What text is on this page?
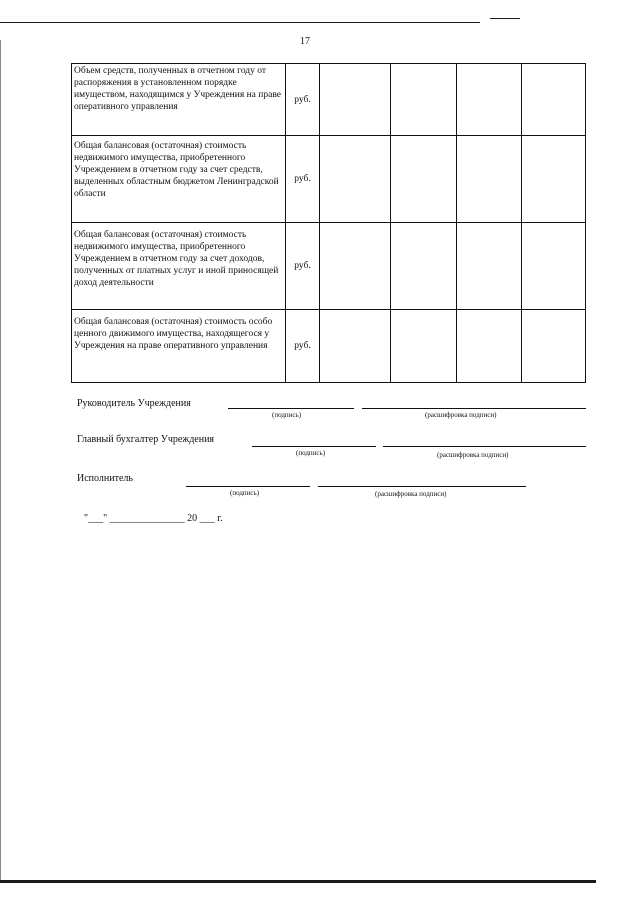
17
Объем средств, полученных в отчетном году от распоряжения в установленном порядке имуществом, находящимся у Учреждения на праве оперативного управления	руб.				
Общая балансовая (остаточная) стоимость недвижимого имущества, приобретенного Учреждением в отчетном году за счет средств, выделенных областным бюджетом Ленинградской области	руб.				
Общая балансовая (остаточная) стоимость недвижимого имущества, приобретенного Учреждением в отчетном году за счет доходов, полученных от платных услуг и иной приносящей доход деятельности	руб.				
Общая балансовая (остаточная) стоимость особо ценного движимого имущества, находящегося у Учреждения на праве оперативного управления	руб.				
Руководитель Учреждения
(подпись)	(расшифровка подписи)
Главный бухгалтер Учреждения
(подпись)	(расшифровка подписи)
Исполнитель
(подпись)	(расшифровка подписи)
"___" _______________ 20 ___ г.
